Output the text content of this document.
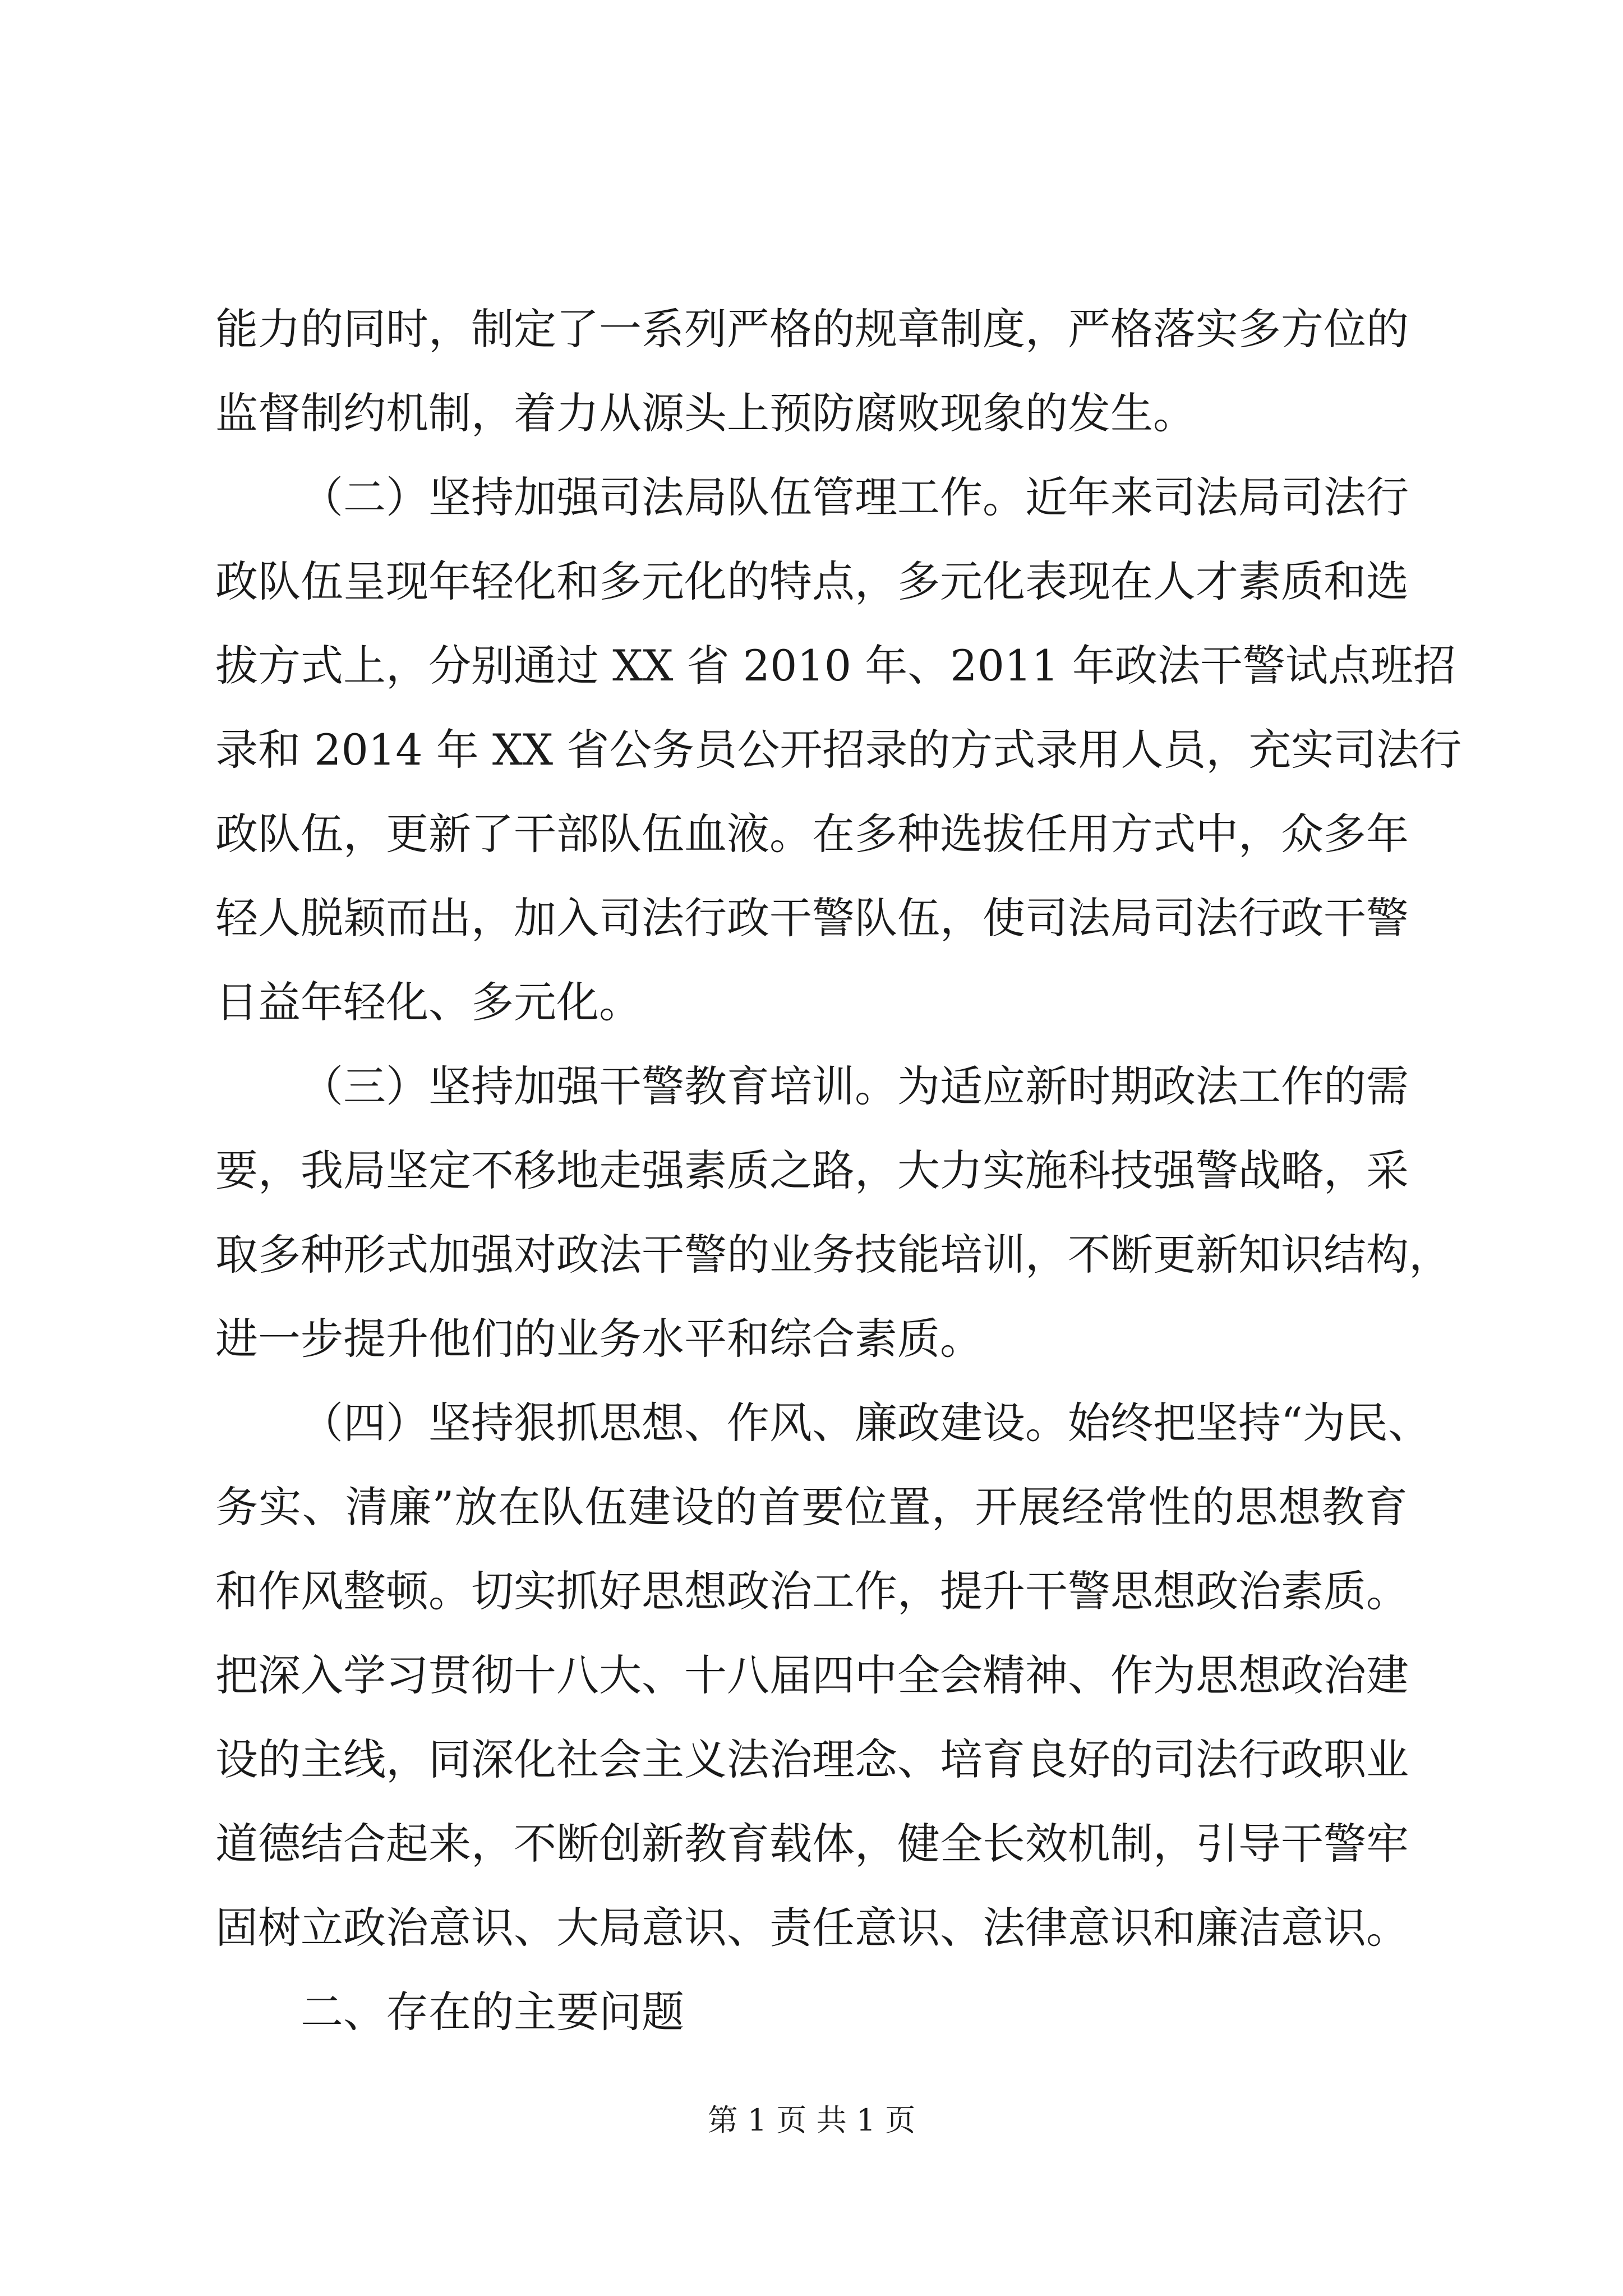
能力的同时，制定了一系列严格的规章制度，严格落实多方位的
监督制约机制，着力从源头上预防腐败现象的发生。
（二）坚持加强司法局队伍管理工作。近年来司法局司法行
政队伍呈现年轻化和多元化的特点，多元化表现在人才素质和选
拔方式上，分别通过 XX 省 2010 年、2011 年政法干警试点班招
录和 2014 年 XX 省公务员公开招录的方式录用人员，充实司法行
政队伍，更新了干部队伍血液。在多种选拔任用方式中，众多年
轻人脱颖而出，加入司法行政干警队伍，使司法局司法行政干警
日益年轻化、多元化。
（三）坚持加强干警教育培训。为适应新时期政法工作的需
要，我局坚定不移地走强素质之路，大力实施科技强警战略，采
取多种形式加强对政法干警的业务技能培训，不断更新知识结构，
进一步提升他们的业务水平和综合素质。
（四）坚持狠抓思想、作风、廉政建设。始终把坚持“为民、
务实、清廉”放在队伍建设的首要位置，开展经常性的思想教育
和作风整顿。切实抓好思想政治工作，提升干警思想政治素质。
把深入学习贯彻十八大、十八届四中全会精神、作为思想政治建
设的主线，同深化社会主义法治理念、培育良好的司法行政职业
道德结合起来，不断创新教育载体，健全长效机制，引导干警牢
固树立政治意识、大局意识、责任意识、法律意识和廉洁意识。
二、存在的主要问题
第 1 页 共 1 页
